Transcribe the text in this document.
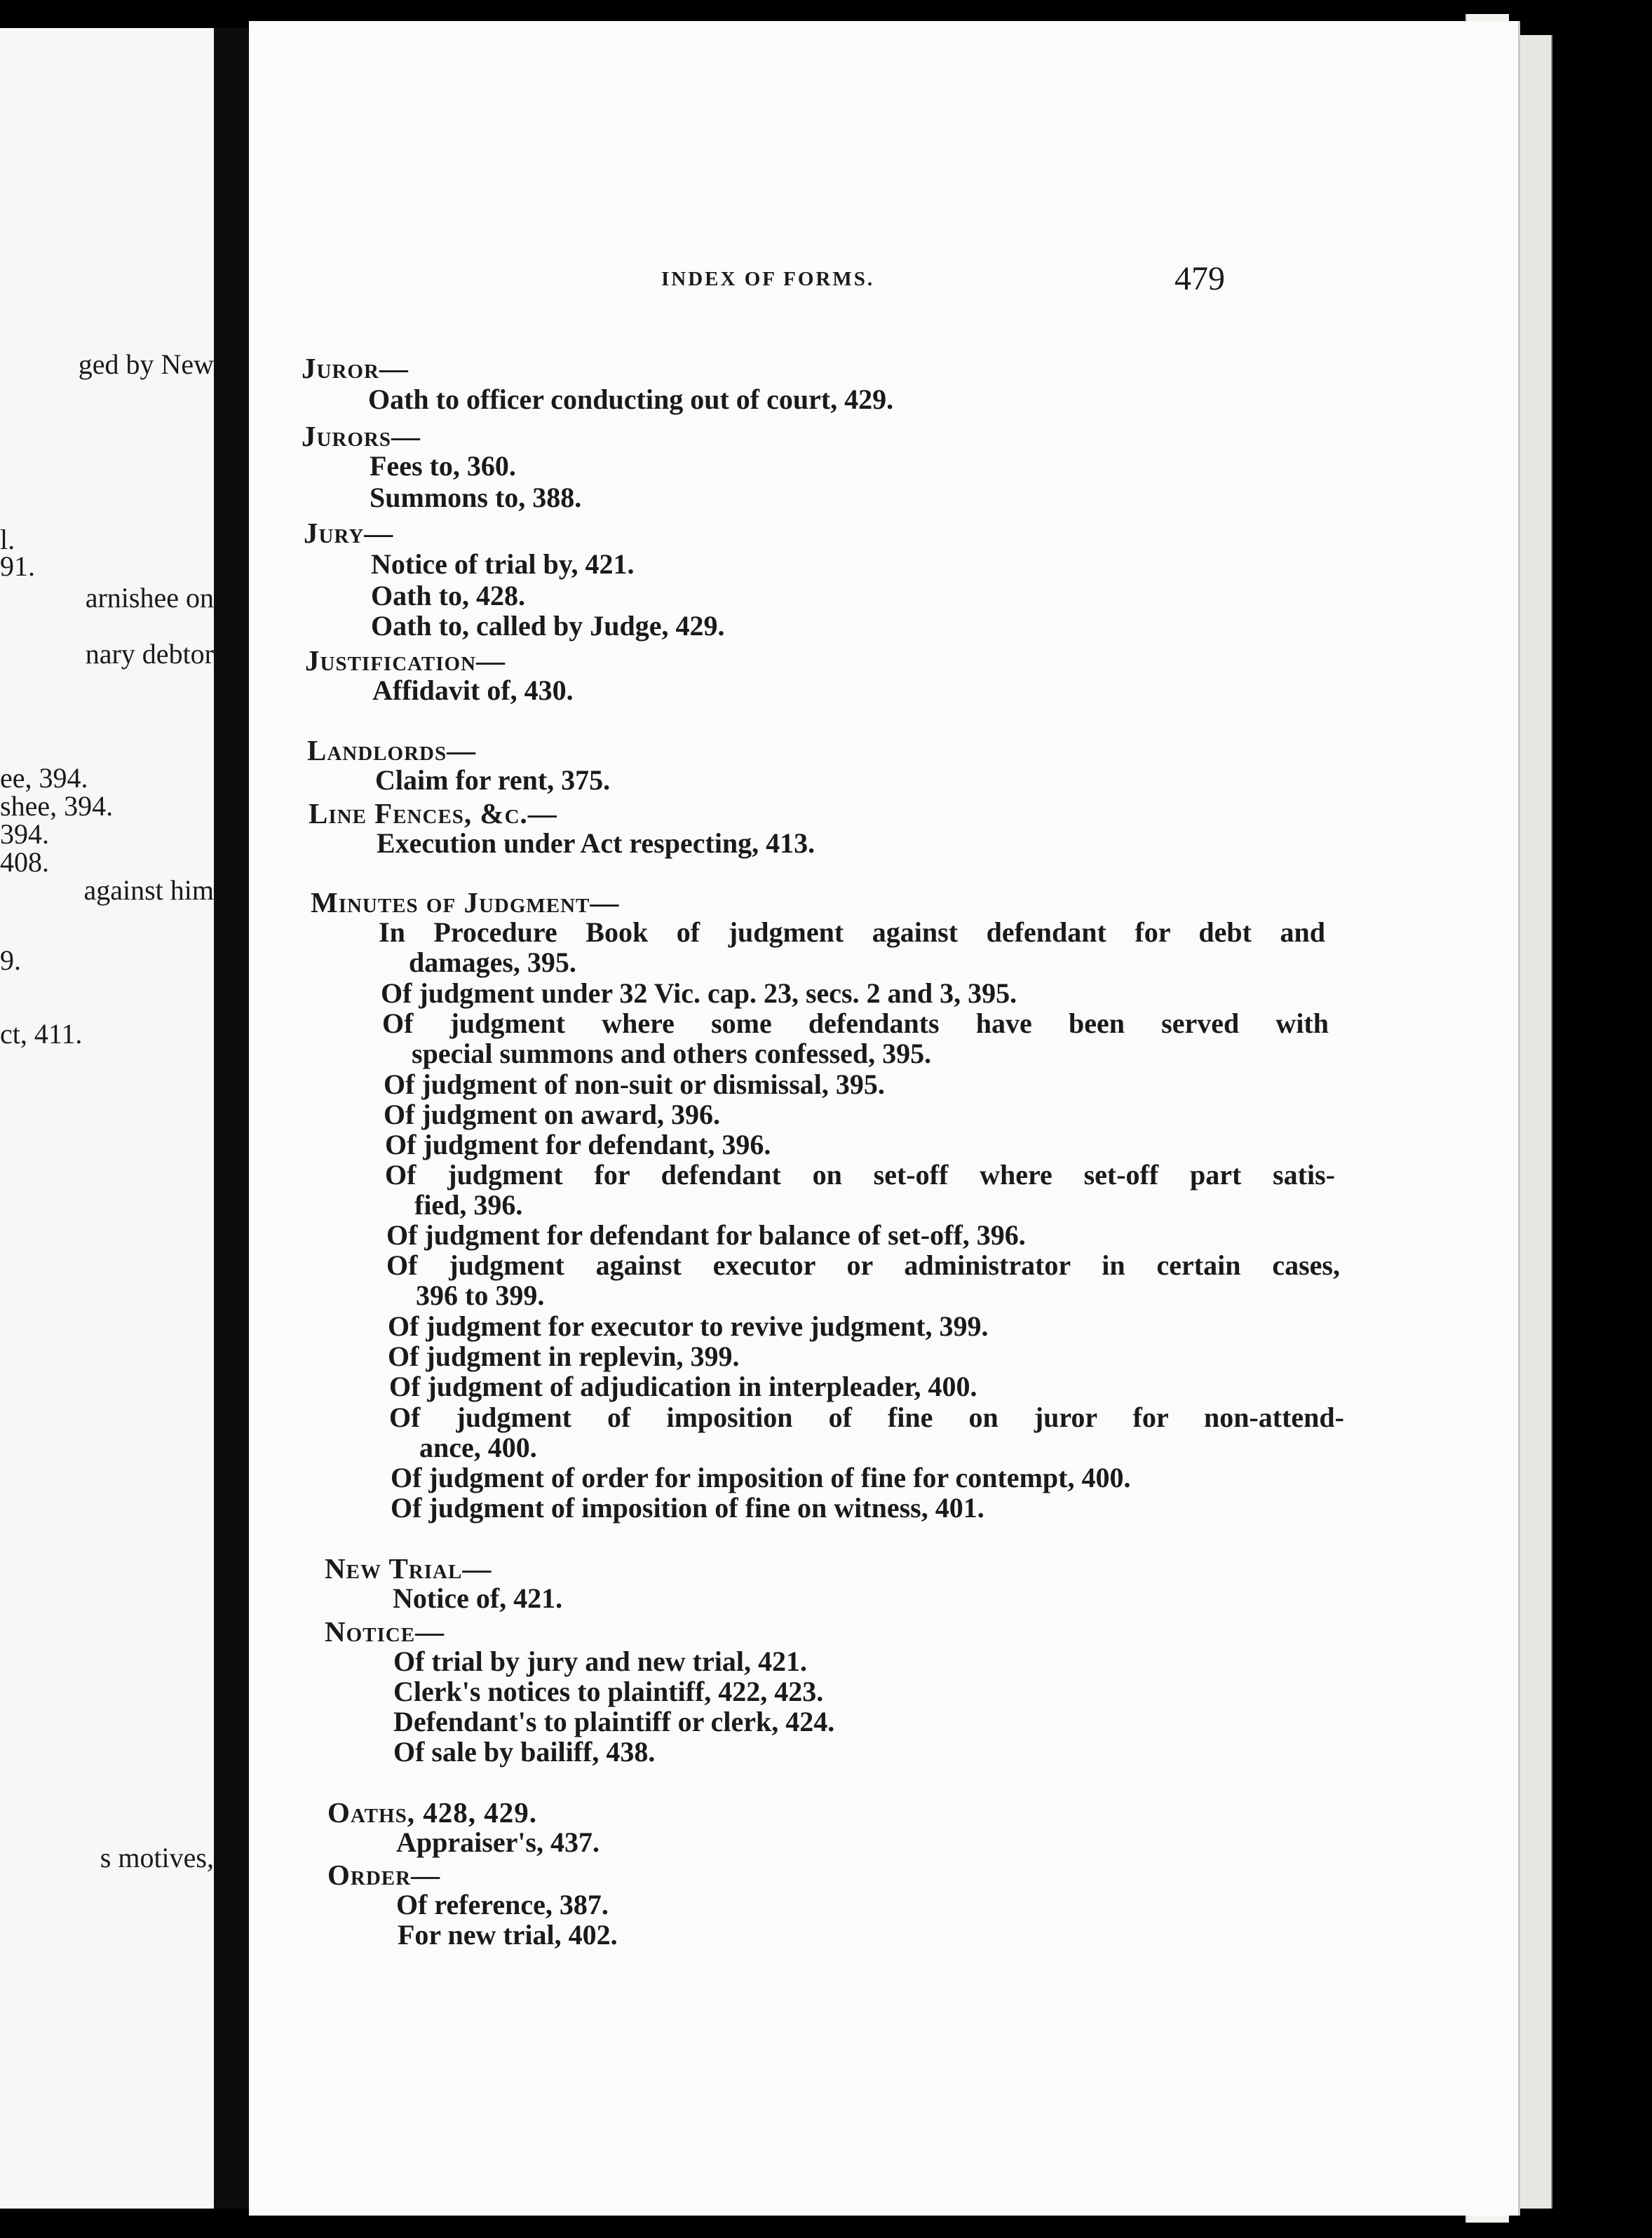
ged by New
l.
91.
arnishee on
nary debtor
ee, 394.
shee, 394.
394.
408.
against him
9.
ct, 411.
s motives,
INDEX OF FORMS.	479
Juror—
Oath to officer conducting out of court, 429.
Jurors—
Fees to, 360.
Summons to, 388.
Jury—
Notice of trial by, 421.
Oath to, 428.
Oath to, called by Judge, 429.
Justification—
Affidavit of, 430.
Landlords—
Claim for rent, 375.
Line Fences, &c.—
Execution under Act respecting, 413.
Minutes of Judgment—
In Procedure Book of judgment against defendant for debt and
damages, 395.
Of judgment under 32 Vic. cap. 23, secs. 2 and 3, 395.
Of judgment where some defendants have been served with
special summons and others confessed, 395.
Of judgment of non-suit or dismissal, 395.
Of judgment on award, 396.
Of judgment for defendant, 396.
Of judgment for defendant on set-off where set-off part satis-
fied, 396.
Of judgment for defendant for balance of set-off, 396.
Of judgment against executor or administrator in certain cases,
396 to 399.
Of judgment for executor to revive judgment, 399.
Of judgment in replevin, 399.
Of judgment of adjudication in interpleader, 400.
Of judgment of imposition of fine on juror for non-attend-
ance, 400.
Of judgment of order for imposition of fine for contempt, 400.
Of judgment of imposition of fine on witness, 401.
New Trial—
Notice of, 421.
Notice—
Of trial by jury and new trial, 421.
Clerk's notices to plaintiff, 422, 423.
Defendant's to plaintiff or clerk, 424.
Of sale by bailiff, 438.
Oaths, 428, 429.
Appraiser's, 437.
Order—
Of reference, 387.
For new trial, 402.
